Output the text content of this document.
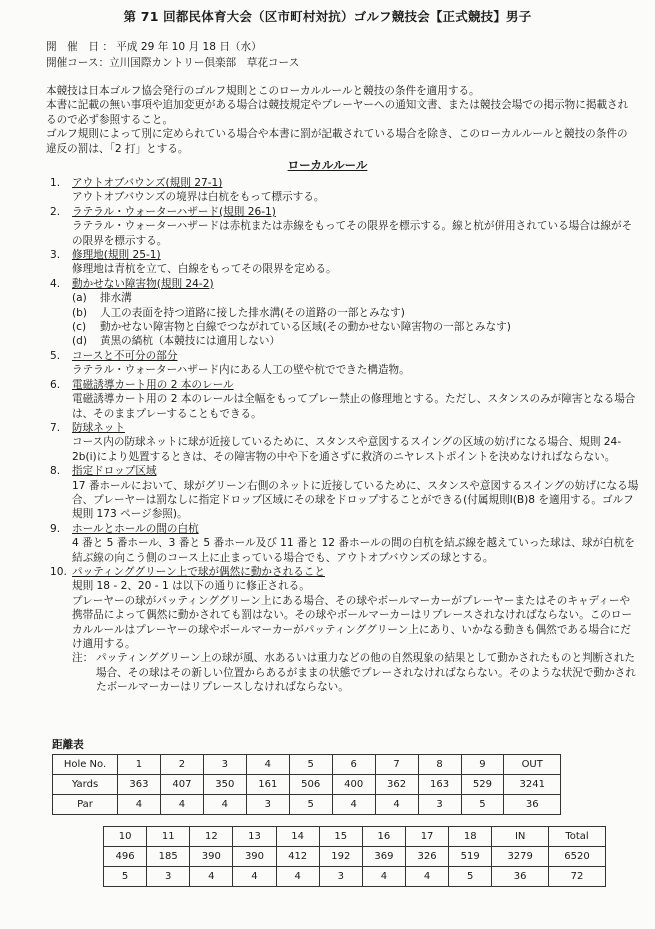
第 71 回都民体育大会（区市町村対抗）ゴルフ競技会【正式競技】男子
開　催　日 ： 平成 29 年 10 月 18 日（水）
開催コース：立川国際カントリー倶楽部　草花コース

本競技は日本ゴルフ協会発行のゴルフ規則とこのローカルルールと競技の条件を適用する。

本書に記載の無い事項や追加変更がある場合は競技規定やプレーヤーへの通知文書、または競技会場での掲示物に掲載されるので必ず参照すること。

ゴルフ規則によって別に定められている場合や本書に罰が記載されている場合を除き、このローカルルールと競技の条件の違反の罰は、「2 打」とする。

ローカルルール
1. アウトオブバウンズ(規則 27-1)

アウトオブバウンズの境界は白杭をもって標示する。

2. ラテラル・ウォーターハザード(規則 26-1)

ラテラル・ウォーターハザードは赤杭または赤線をもってその限界を標示する。線と杭が併用されている場合は線がその限界を標示する。

3. 修理地(規則 25-1)

修理地は青杭を立て、白線をもってその限界を定める。

4. 動かせない障害物(規則 24-2)
(a) 排水溝
(b) 人工の表面を持つ道路に接した排水溝(その道路の一部とみなす)
(c) 動かせない障害物と白線でつながれている区域(その動かせない障害物の一部とみなす)
(d) 黄黒の縞杭（本競技には適用しない）
5. コースと不可分の部分

ラテラル・ウォーターハザード内にある人工の壁や杭でできた構造物。

6. 電磁誘導カート用の 2 本のレール

電磁誘導カート用の 2 本のレールは全幅をもってプレー禁止の修理地とする。ただし、スタンスのみが障害となる場合は、そのままプレーすることもできる。

7. 防球ネット

コース内の防球ネットに球が近接しているために、スタンスや意図するスイングの区域の妨げになる場合、規則 24-2b(i)により処置するときは、その障害物の中や下を通さずに救済のニヤレストポイントを決めなければならない。

8. 指定ドロップ区域

17 番ホールにおいて、球がグリーン右側のネットに近接しているために、スタンスや意図するスイングの妨げになる場合、プレーヤーは罰なしに指定ドロップ区域にその球をドロップすることができる(付属規則Ⅰ(B)8 を適用する。ゴルフ規則 173 ページ参照)。

9. ホールとホールの間の白杭

4 番と 5 番ホール、3 番と 5 番ホール及び 11 番と 12 番ホールの間の白杭を結ぶ線を越えていった球は、球が白杭を結ぶ線の向こう側のコース上に止まっている場合でも、アウトオブバウンズの球とする。

10. パッティンググリーン上で球が偶然に動かされること

規則 18 - 2、20 - 1 は以下の通りに修正される。

プレーヤーの球がパッティンググリーン上にある場合、その球やボールマーカーがプレーヤーまたはそのキャディーや携帯品によって偶然に動かされても罰はない。その球やボールマーカーはリプレースされなければならない。このローカルルールはプレーヤーの球やボールマーカーがパッティンググリーン上にあり、いかなる動きも偶然である場合にだけ適用する。

注： パッティンググリーン上の球が風、水あるいは重力などの他の自然現象の結果として動かされたものと判断された場合、その球はその新しい位置からあるがままの状態でプレーされなければならない。そのような状況で動かされたボールマーカーはリプレースしなければならない。
距離表
Hole No.	1	2	3	4	5	6	7	8	9	OUT
Yards	363	407	350	161	506	400	362	163	529	3241
Par	4	4	4	3	5	4	4	3	5	36
10	11	12	13	14	15	16	17	18	IN	Total
496	185	390	390	412	192	369	326	519	3279	6520
5	3	4	4	4	3	4	4	5	36	72
